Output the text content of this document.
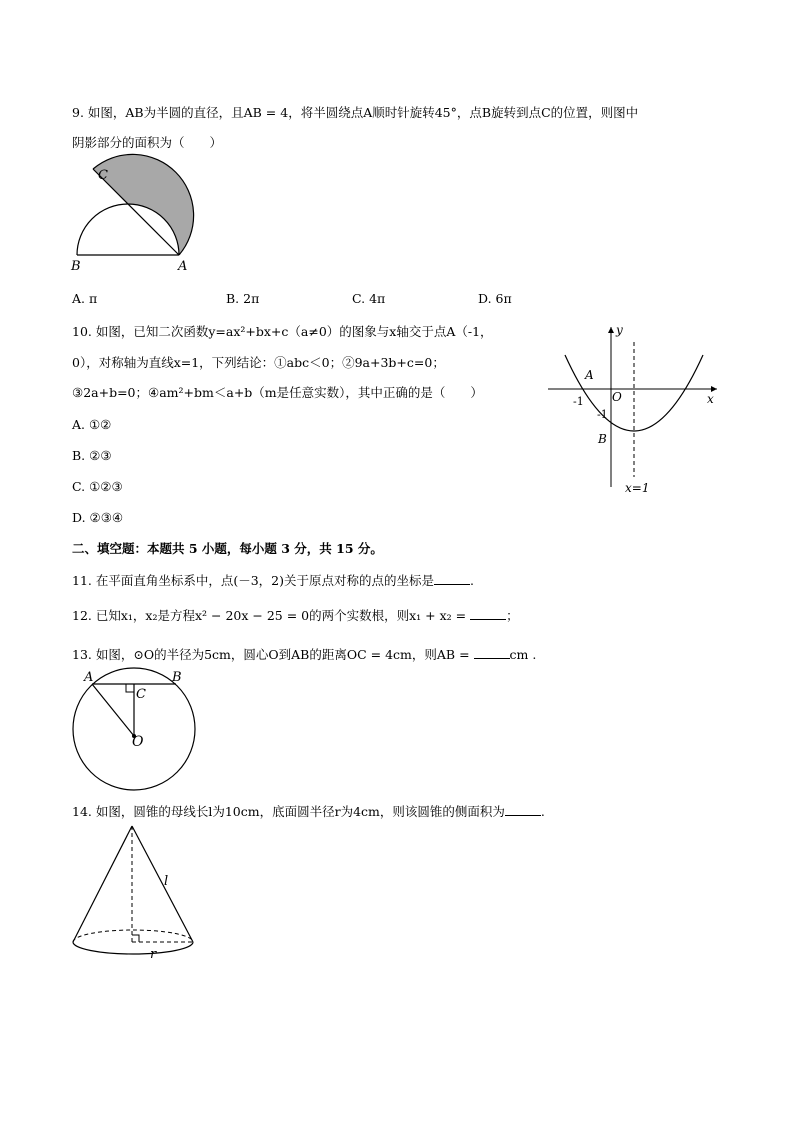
9. 如图，AB为半圆的直径，且AB = 4，将半圆绕点A顺时针旋转45°，点B旋转到点C的位置，则图中
阴影部分的面积为（　　）
C
B	A
A. π	B. 2π	C. 4π	D. 6π
10. 如图，已知二次函数y=ax²+bx+c（a≠0）的图象与x轴交于点A（-1，
0），对称轴为直线x=1，下列结论：①abc＜0；②9a+3b+c=0；
③2a+b=0；④am²+bm＜a+b（m是任意实数），其中正确的是（　　）
y
x
A
O
-1
-1
B
x=1
A. ①②
B. ②③
C. ①②③
D. ②③④
二、填空题：本题共 5 小题，每小题 3 分，共 15 分。
11. 在平面直角坐标系中，点(－3，2)关于原点对称的点的坐标是	.
12. 已知x₁，x₂是方程x² − 20x − 25 = 0的两个实数根，则x₁ + x₂ =	；
13. 如图，⊙O的半径为5cm，圆心O到AB的距离OC = 4cm，则AB =	cm .
A	B
C
O
14. 如图，圆锥的母线长l为10cm，底面圆半径r为4cm，则该圆锥的侧面积为	.
l
r
